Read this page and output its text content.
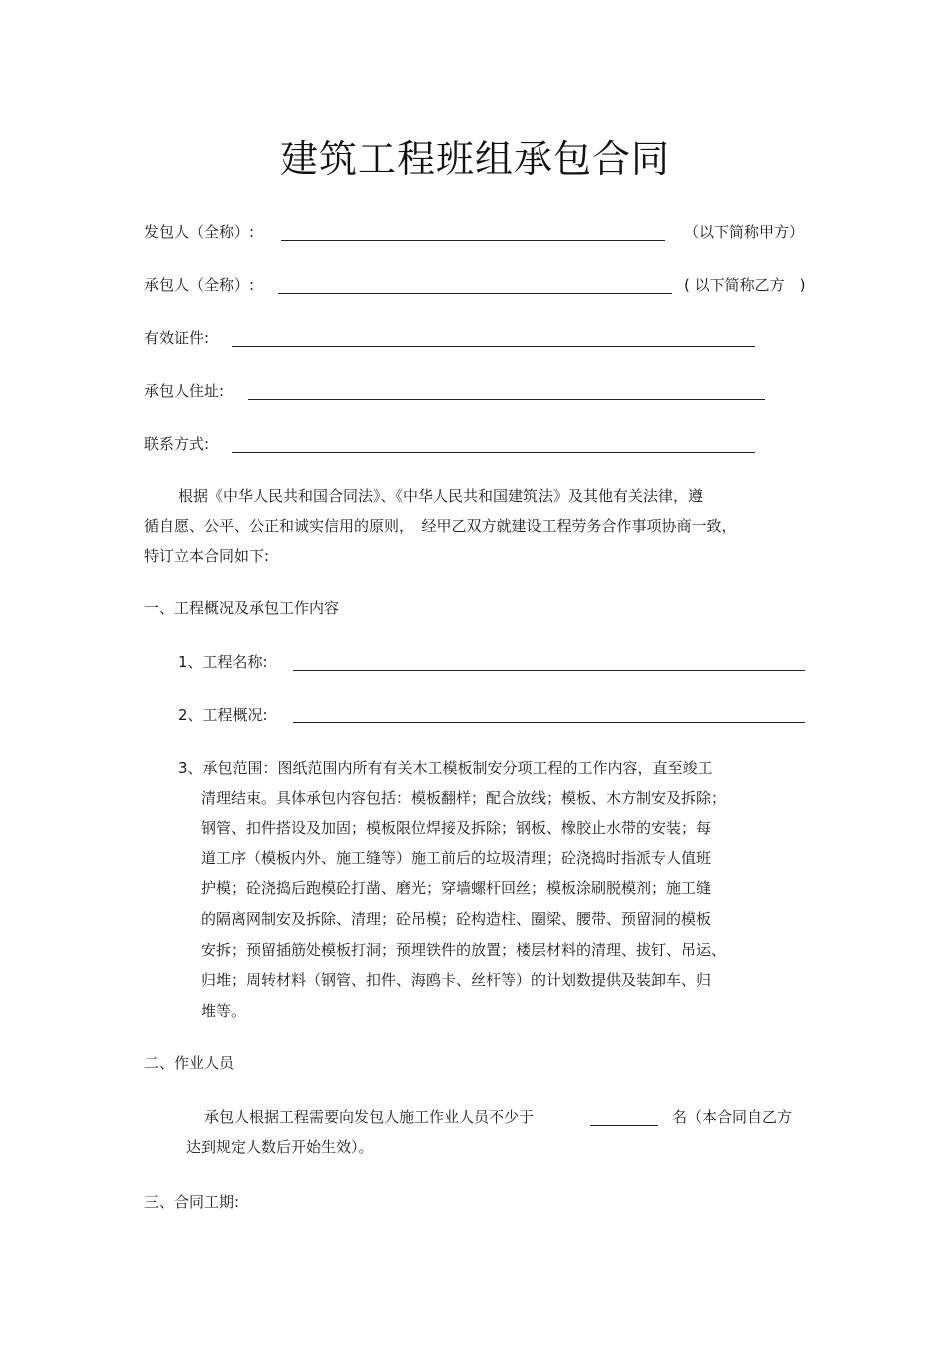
建筑工程班组承包合同
发包人（全称）:	（以下简称甲方）
承包人（全称）:	( 以下简称乙方　)
有效证件:
承包人住址:
联系方式:
根据《中华人民共和国合同法》、《中华人民共和国建筑法》及其他有关法律，遵
循自愿、公平、公正和诚实信用的原则，　经甲乙双方就建设工程劳务合作事项协商一致，
特订立本合同如下:
一、工程概况及承包工作内容
1、工程名称:
2、工程概况:
3、承包范围：图纸范围内所有有关木工模板制安分项工程的工作内容，直至竣工
清理结束。具体承包内容包括：模板翻样；配合放线；模板、木方制安及拆除；
钢管、扣件搭设及加固；模板限位焊接及拆除；钢板、橡胶止水带的安装；每
道工序（模板内外、施工缝等）施工前后的垃圾清理；砼浇捣时指派专人值班
护模；砼浇捣后跑模砼打凿、磨光；穿墙螺杆回丝；模板涂刷脱模剂；施工缝
的隔离网制安及拆除、清理；砼吊模；砼构造柱、圈梁、腰带、预留洞的模板
安拆；预留插筋处模板打洞；预埋铁件的放置；楼层材料的清理、拔钉、吊运、
归堆；周转材料（钢管、扣件、海鸥卡、丝杆等）的计划数提供及装卸车、归
堆等。
二、作业人员
承包人根据工程需要向发包人施工作业人员不少于	名（本合同自乙方
达到规定人数后开始生效）。
三、合同工期:
